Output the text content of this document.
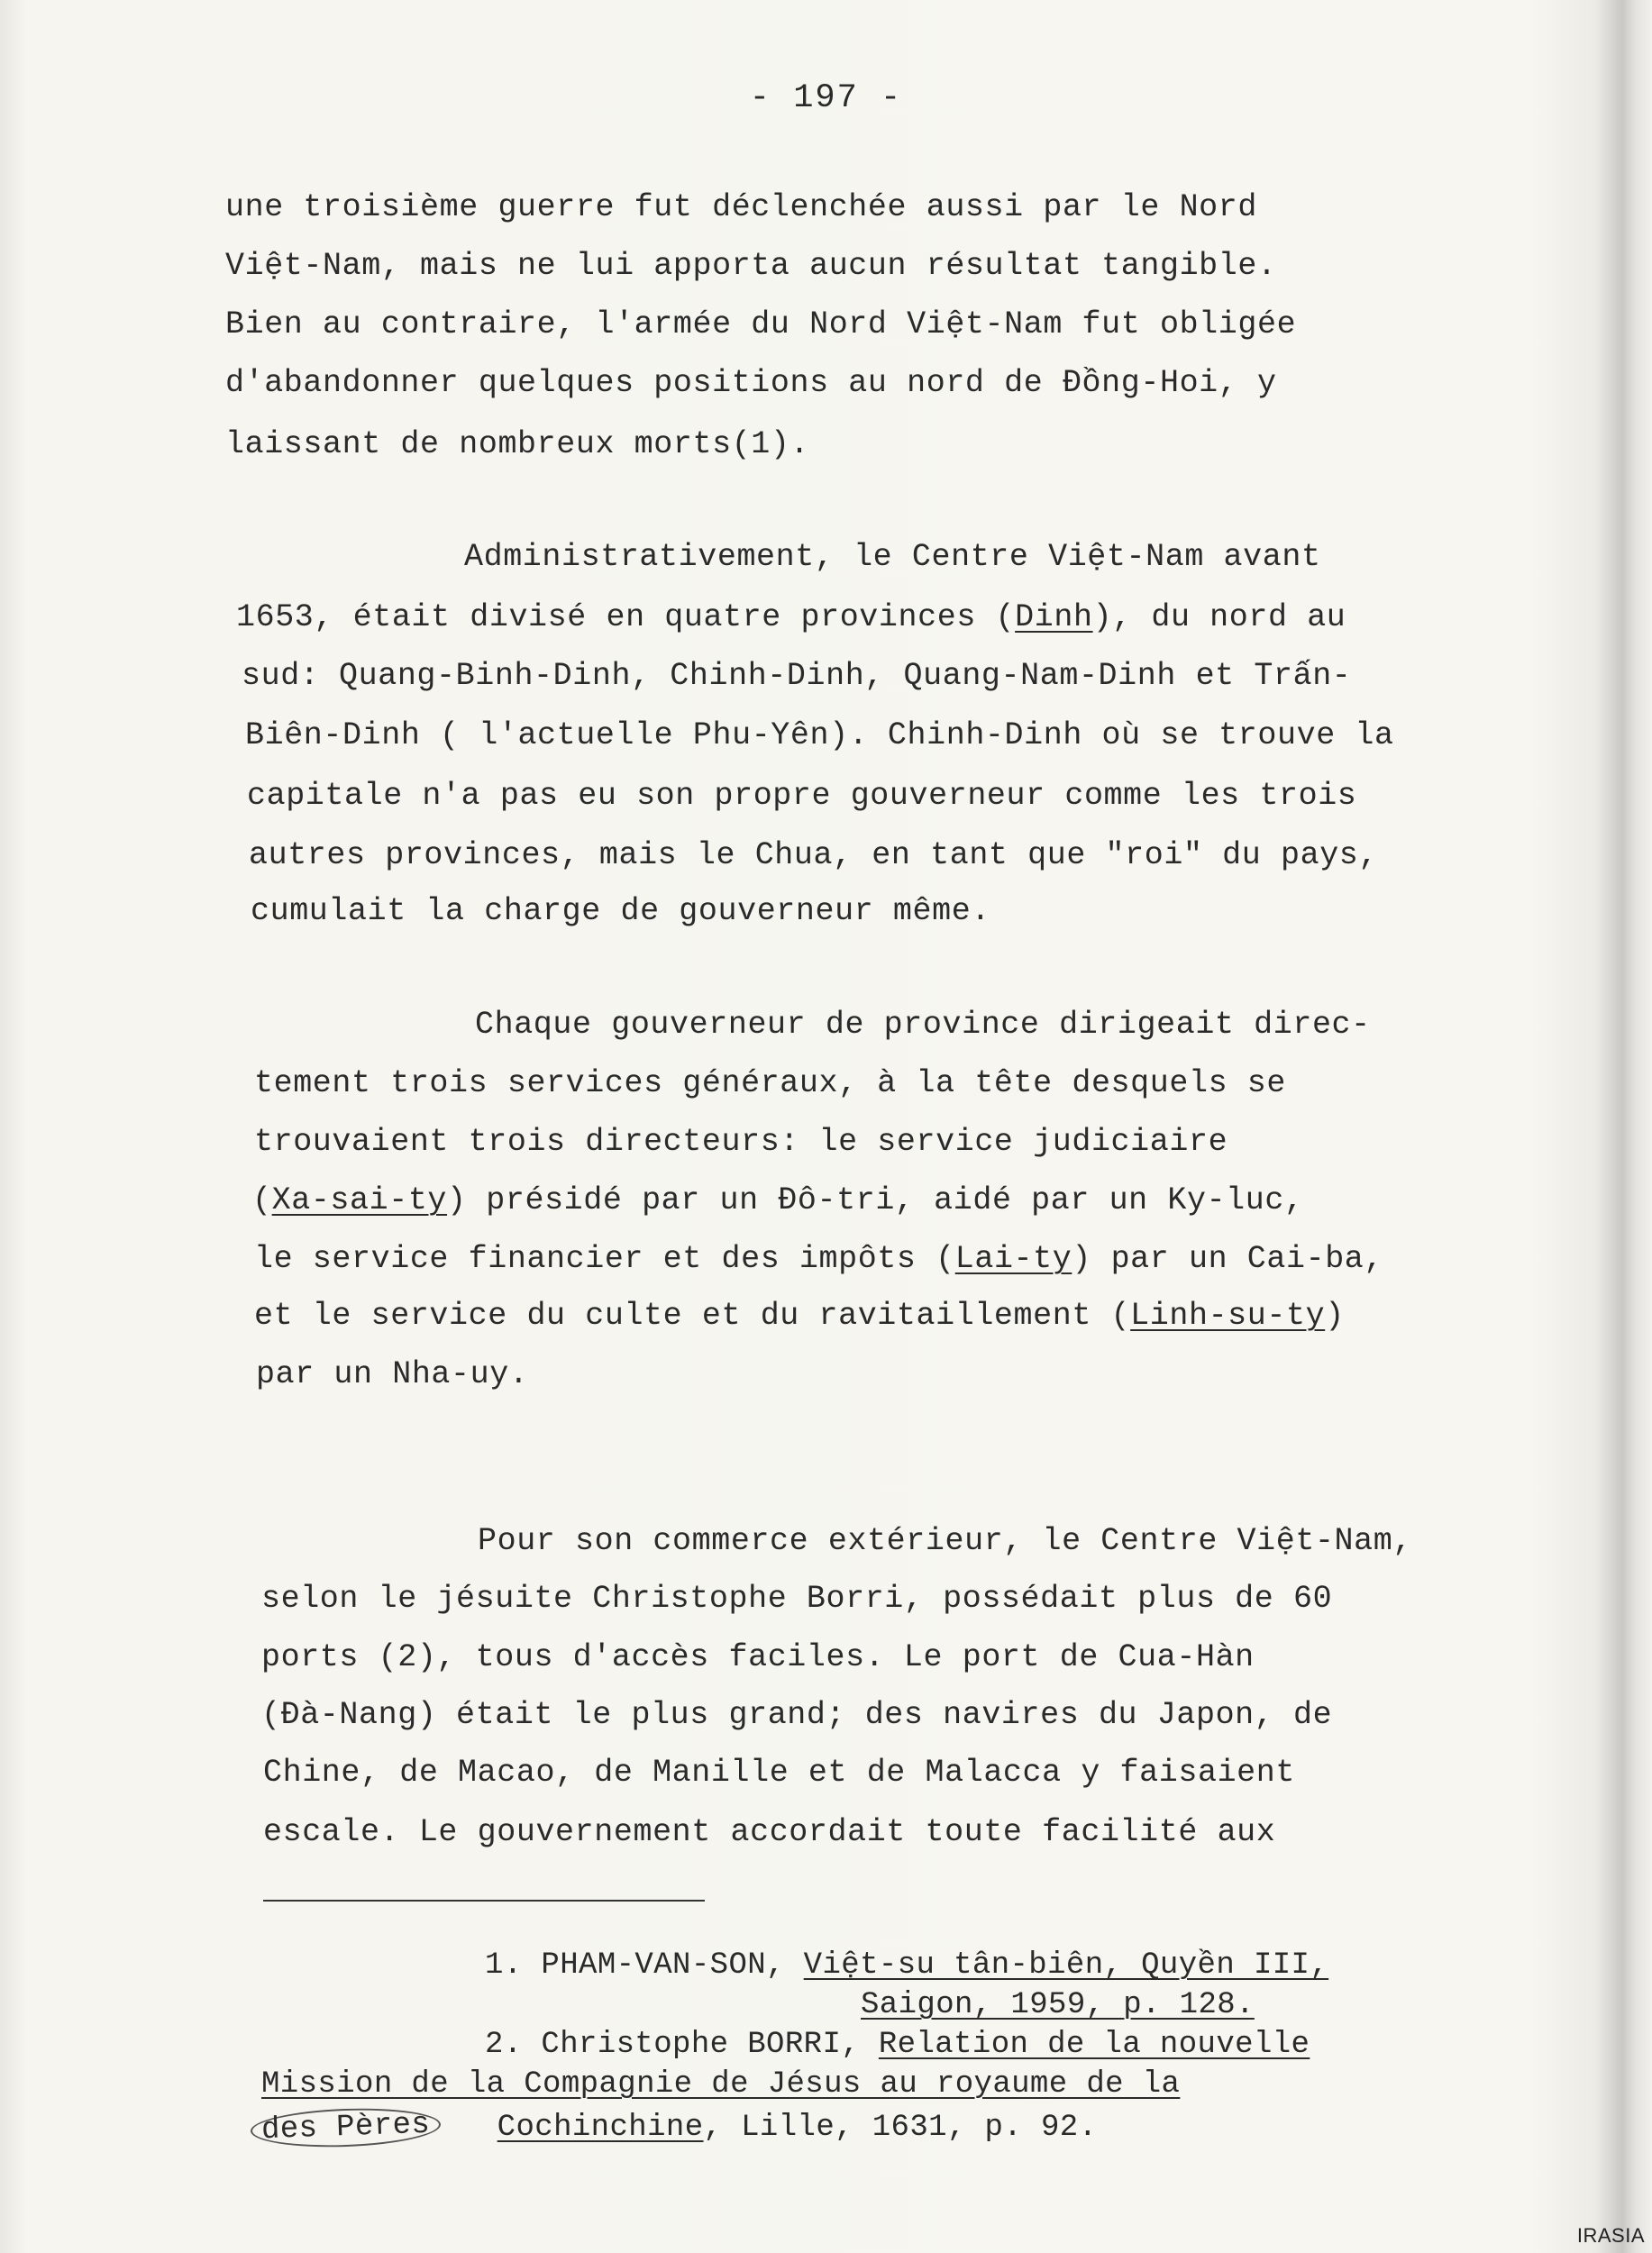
- 197 -
une troisième guerre fut déclenchée aussi par le Nord
Việt-Nam, mais ne lui apporta aucun résultat tangible.
Bien au contraire, l'armée du Nord Việt-Nam fut obligée
d'abandonner quelques positions au nord de Đồng-Hoi, y
laissant de nombreux morts(1).
Administrativement, le Centre Việt-Nam avant
1653, était divisé en quatre provinces (Dinh), du nord au
sud: Quang-Binh-Dinh, Chinh-Dinh, Quang-Nam-Dinh et Trấn-
Biên-Dinh ( l'actuelle Phu-Yên). Chinh-Dinh où se trouve la
capitale n'a pas eu son propre gouverneur comme les trois
autres provinces, mais le Chua, en tant que "roi" du pays,
cumulait la charge de gouverneur même.
Chaque gouverneur de province dirigeait direc-
tement trois services généraux, à la tête desquels se
trouvaient trois directeurs: le service judiciaire
(Xa-sai-ty) présidé par un Đô-tri, aidé par un Ky-luc,
le service financier et des impôts (Lai-ty) par un Cai-ba,
et le service du culte et du ravitaillement (Linh-su-ty)
par un Nha-uy.
Pour son commerce extérieur, le Centre Việt-Nam,
selon le jésuite Christophe Borri, possédait plus de 60
ports (2), tous d'accès faciles. Le port de Cua-Hàn
(Đà-Nang) était le plus grand; des navires du Japon, de
Chine, de Macao, de Manille et de Malacca y faisaient
escale. Le gouvernement accordait toute facilité aux
1. PHAM-VAN-SON, Việt-su tân-biên, Quyền III,
Saigon, 1959, p. 128.
2. Christophe BORRI, Relation de la nouvelle
Mission de la Compagnie de Jésus au royaume de la
des Pères Cochinchine, Lille, 1631, p. 92.
IRASIA
